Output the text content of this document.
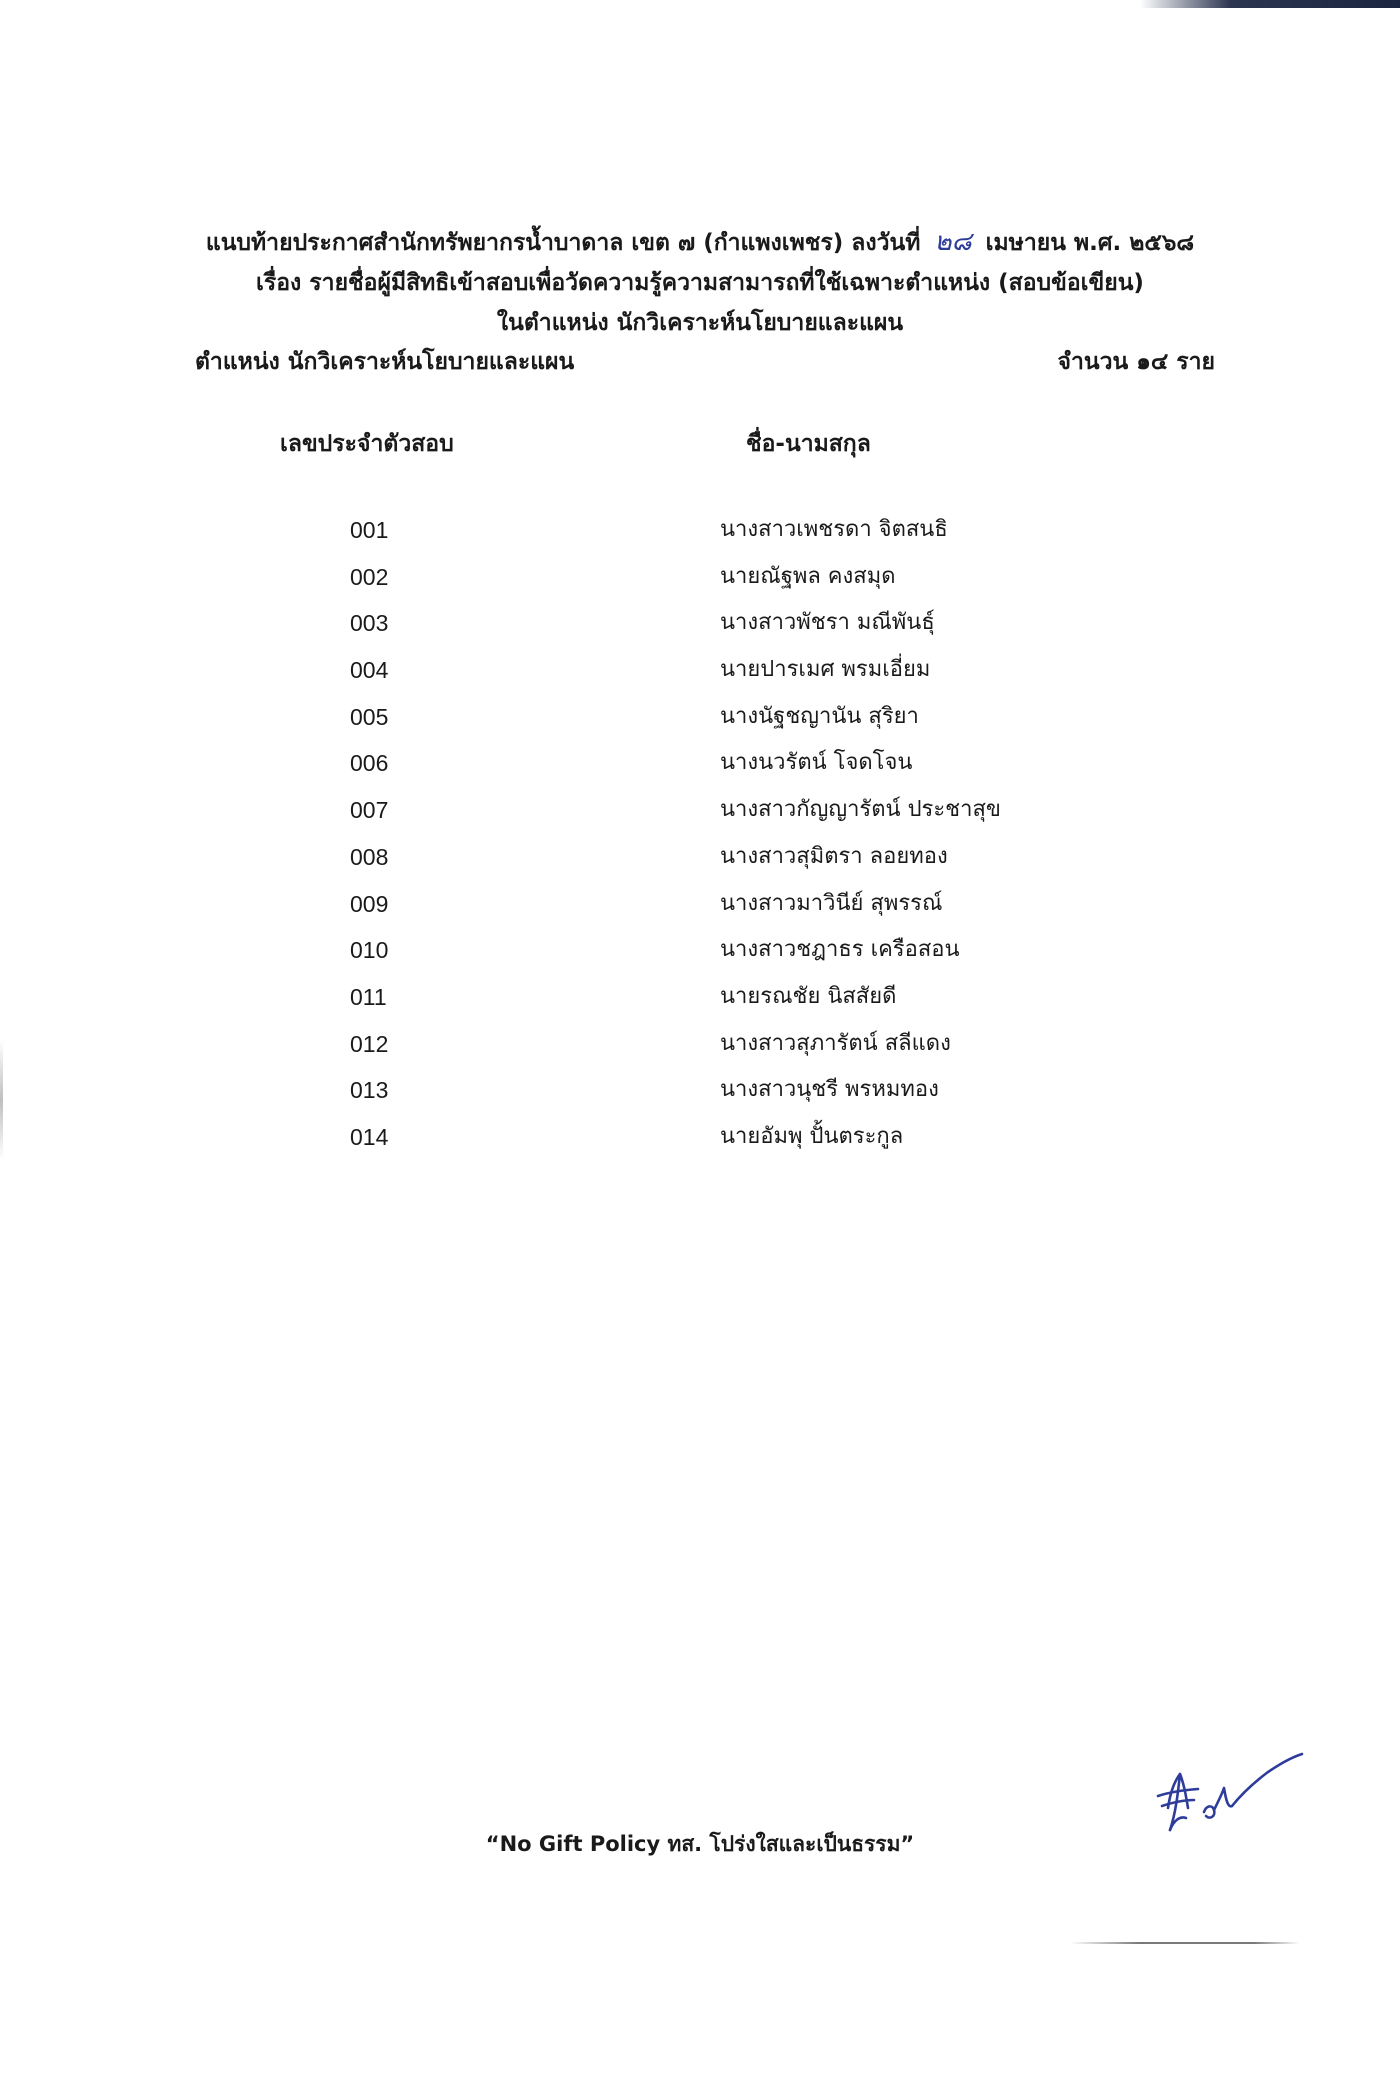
แนบท้ายประกาศสำนักทรัพยากรน้ำบาดาล เขต ๗ (กำแพงเพชร) ลงวันที่ ๒๘ เมษายน พ.ศ. ๒๕๖๘
เรื่อง รายชื่อผู้มีสิทธิเข้าสอบเพื่อวัดความรู้ความสามารถที่ใช้เฉพาะตำแหน่ง (สอบข้อเขียน)
ในตำแหน่ง นักวิเคราะห์นโยบายและแผน
ตำแหน่ง นักวิเคราะห์นโยบายและแผน	จำนวน ๑๔ ราย
เลขประจำตัวสอบ	ชื่อ-นามสกุล
001	นางสาวเพชรดา จิตสนธิ
002	นายณัฐพล คงสมุด
003	นางสาวพัชรา มณีพันธุ์
004	นายปารเมศ พรมเอี่ยม
005	นางนัฐชญานัน สุริยา
006	นางนวรัตน์ โจดโจน
007	นางสาวกัญญารัตน์ ประชาสุข
008	นางสาวสุมิตรา ลอยทอง
009	นางสาวมาวินีย์ สุพรรณ์
010	นางสาวชฎาธร เครือสอน
011	นายรณชัย นิสสัยดี
012	นางสาวสุภารัตน์ สลีแดง
013	นางสาวนุชรี พรหมทอง
014	นายอัมพุ ปั้นตระกูล
“No Gift Policy ทส. โปร่งใสและเป็นธรรม”
